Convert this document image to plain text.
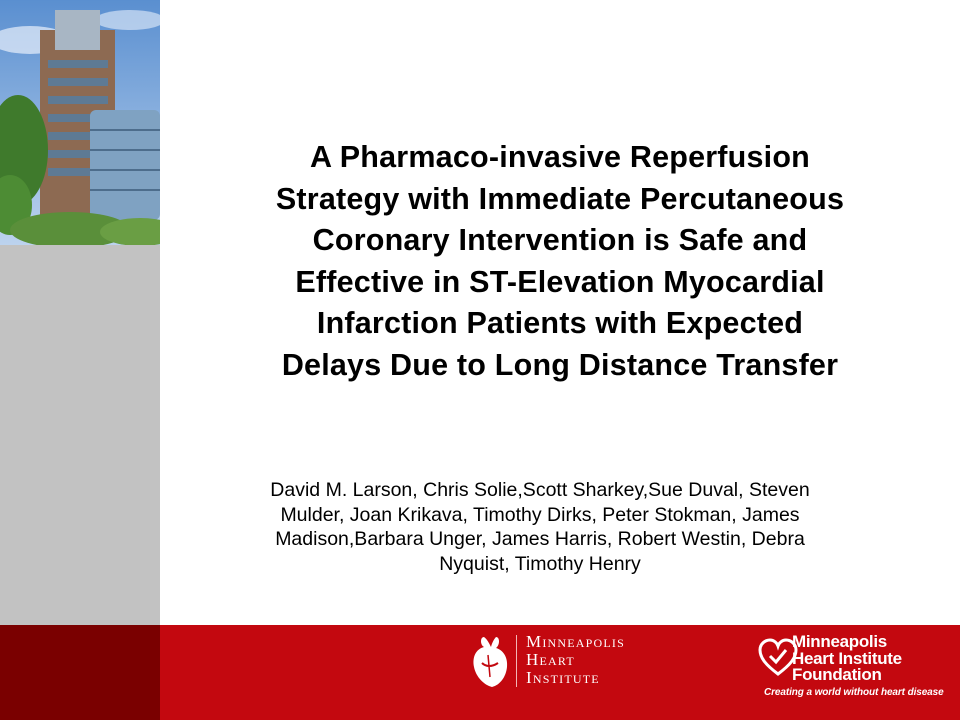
A Pharmaco-invasive Reperfusion
Strategy with Immediate Percutaneous
Coronary Intervention is Safe and
Effective in ST-Elevation Myocardial
Infarction Patients with Expected
Delays Due to Long Distance Transfer
David M. Larson, Chris Solie,Scott Sharkey,Sue Duval, Steven
Mulder, Joan Krikava, Timothy Dirks, Peter Stokman, James
Madison,Barbara Unger, James Harris, Robert Westin, Debra
Nyquist, Timothy Henry
Minneapolis
Heart
Institute
Minneapolis
Heart Institute
Foundation
Creating a world without heart disease
